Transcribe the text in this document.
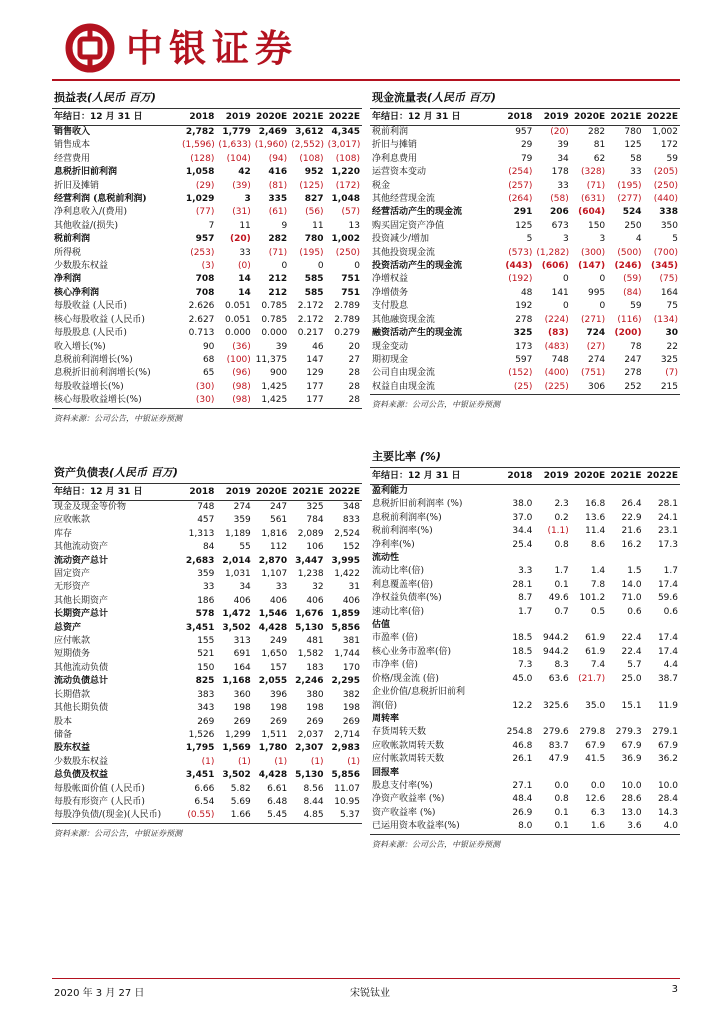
中银证券
损益表(人民币 百万)
年结日：12 月 31 日	2018	2019	2020E	2021E	2022E
销售收入	2,782	1,779	2,469	3,612	4,345
销售成本	(1,596)	(1,633)	(1,960)	(2,552)	(3,017)
经营费用	(128)	(104)	(94)	(108)	(108)
息税折旧前利润	1,058	42	416	952	1,220
折旧及摊销	(29)	(39)	(81)	(125)	(172)
经营利润 (息税前利润)	1,029	3	335	827	1,048
净利息收入/(费用)	(77)	(31)	(61)	(56)	(57)
其他收益/(损失)	7	11	9	11	13
税前利润	957	(20)	282	780	1,002
所得税	(253)	33	(71)	(195)	(250)
少数股东权益	(3)	(0)	0	0	0
净利润	708	14	212	585	751
核心净利润	708	14	212	585	751
每股收益 (人民币)	2.626	0.051	0.785	2.172	2.789
核心每股收益 (人民币)	2.627	0.051	0.785	2.172	2.789
每股股息 (人民币)	0.713	0.000	0.000	0.217	0.279
收入增长(%)	90	(36)	39	46	20
息税前利润增长(%)	68	(100)	11,375	147	27
息税折旧前利润增长(%)	65	(96)	900	129	28
每股收益增长(%)	(30)	(98)	1,425	177	28
核心每股收益增长(%)	(30)	(98)	1,425	177	28
资料来源：公司公告，中银证券预测
现金流量表(人民币 百万)
年结日：12 月 31 日	2018	2019	2020E	2021E	2022E
税前利润	957	(20)	282	780	1,002
折旧与摊销	29	39	81	125	172
净利息费用	79	34	62	58	59
运营资本变动	(254)	178	(328)	33	(205)
税金	(257)	33	(71)	(195)	(250)
其他经营现金流	(264)	(58)	(631)	(277)	(440)
经营活动产生的现金流	291	206	(604)	524	338
购买固定资产净值	125	673	150	250	350
投资减少/增加	5	3	3	4	5
其他投资现金流	(573)	(1,282)	(300)	(500)	(700)
投资活动产生的现金流	(443)	(606)	(147)	(246)	(345)
净增权益	(192)	0	0	(59)	(75)
净增债务	48	141	995	(84)	164
支付股息	192	0	0	59	75
其他融资现金流	278	(224)	(271)	(116)	(134)
融资活动产生的现金流	325	(83)	724	(200)	30
现金变动	173	(483)	(27)	78	22
期初现金	597	748	274	247	325
公司自由现金流	(152)	(400)	(751)	278	(7)
权益自由现金流	(25)	(225)	306	252	215
资料来源：公司公告，中银证券预测
资产负债表(人民币 百万)
年结日：12 月 31 日	2018	2019	2020E	2021E	2022E
现金及现金等价物	748	274	247	325	348
应收帐款	457	359	561	784	833
库存	1,313	1,189	1,816	2,089	2,524
其他流动资产	84	55	112	106	152
流动资产总计	2,683	2,014	2,870	3,447	3,995
固定资产	359	1,031	1,107	1,238	1,422
无形资产	33	34	33	32	31
其他长期资产	186	406	406	406	406
长期资产总计	578	1,472	1,546	1,676	1,859
总资产	3,451	3,502	4,428	5,130	5,856
应付帐款	155	313	249	481	381
短期债务	521	691	1,650	1,582	1,744
其他流动负债	150	164	157	183	170
流动负债总计	825	1,168	2,055	2,246	2,295
长期借款	383	360	396	380	382
其他长期负债	343	198	198	198	198
股本	269	269	269	269	269
储备	1,526	1,299	1,511	2,037	2,714
股东权益	1,795	1,569	1,780	2,307	2,983
少数股东权益	(1)	(1)	(1)	(1)	(1)
总负债及权益	3,451	3,502	4,428	5,130	5,856
每股帐面价值 (人民币)	6.66	5.82	6.61	8.56	11.07
每股有形资产 (人民币)	6.54	5.69	6.48	8.44	10.95
每股净负债/(现金)(人民币)	(0.55)	1.66	5.45	4.85	5.37
资料来源：公司公告，中银证券预测
主要比率 (%)
年结日：12 月 31 日	2018	2019	2020E	2021E	2022E
盈利能力					
息税折旧前利润率 (%)	38.0	2.3	16.8	26.4	28.1
息税前利润率(%)	37.0	0.2	13.6	22.9	24.1
税前利润率(%)	34.4	(1.1)	11.4	21.6	23.1
净利率(%)	25.4	0.8	8.6	16.2	17.3
流动性					
流动比率(倍)	3.3	1.7	1.4	1.5	1.7
利息覆盖率(倍)	28.1	0.1	7.8	14.0	17.4
净权益负债率(%)	8.7	49.6	101.2	71.0	59.6
速动比率(倍)	1.7	0.7	0.5	0.6	0.6
估值					
市盈率 (倍)	18.5	944.2	61.9	22.4	17.4
核心业务市盈率(倍)	18.5	944.2	61.9	22.4	17.4
市净率 (倍)	7.3	8.3	7.4	5.7	4.4
价格/现金流 (倍)	45.0	63.6	(21.7)	25.0	38.7
企业价值/息税折旧前利					
润(倍)	12.2	325.6	35.0	15.1	11.9
周转率					
存货周转天数	254.8	279.6	279.8	279.3	279.1
应收帐款周转天数	46.8	83.7	67.9	67.9	67.9
应付帐款周转天数	26.1	47.9	41.5	36.9	36.2
回报率					
股息支付率(%)	27.1	0.0	0.0	10.0	10.0
净资产收益率 (%)	48.4	0.8	12.6	28.6	28.4
资产收益率 (%)	26.9	0.1	6.3	13.0	14.3
已运用资本收益率(%)	8.0	0.1	1.6	3.6	4.0
资料来源：公司公告，中银证券预测
2020 年 3 月 27 日	宋锐钛业	3
